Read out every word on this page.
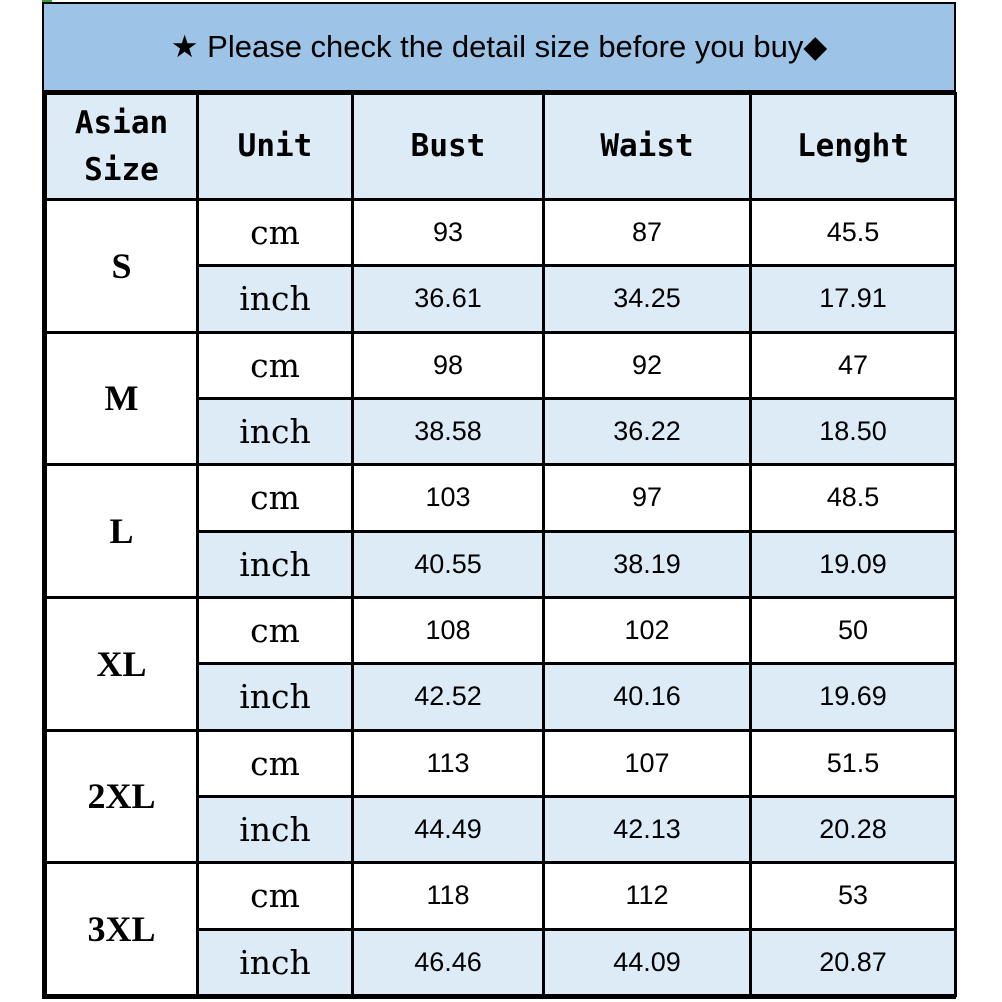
★ Please check the detail size before you buy◆
Asian
Size	Unit	Bust	Waist	Lenght
S	cm	93	87	45.5
	inch	36.61	34.25	17.91
M	cm	98	92	47
	inch	38.58	36.22	18.50
L	cm	103	97	48.5
	inch	40.55	38.19	19.09
XL	cm	108	102	50
	inch	42.52	40.16	19.69
2XL	cm	113	107	51.5
	inch	44.49	42.13	20.28
3XL	cm	118	112	53
	inch	46.46	44.09	20.87
